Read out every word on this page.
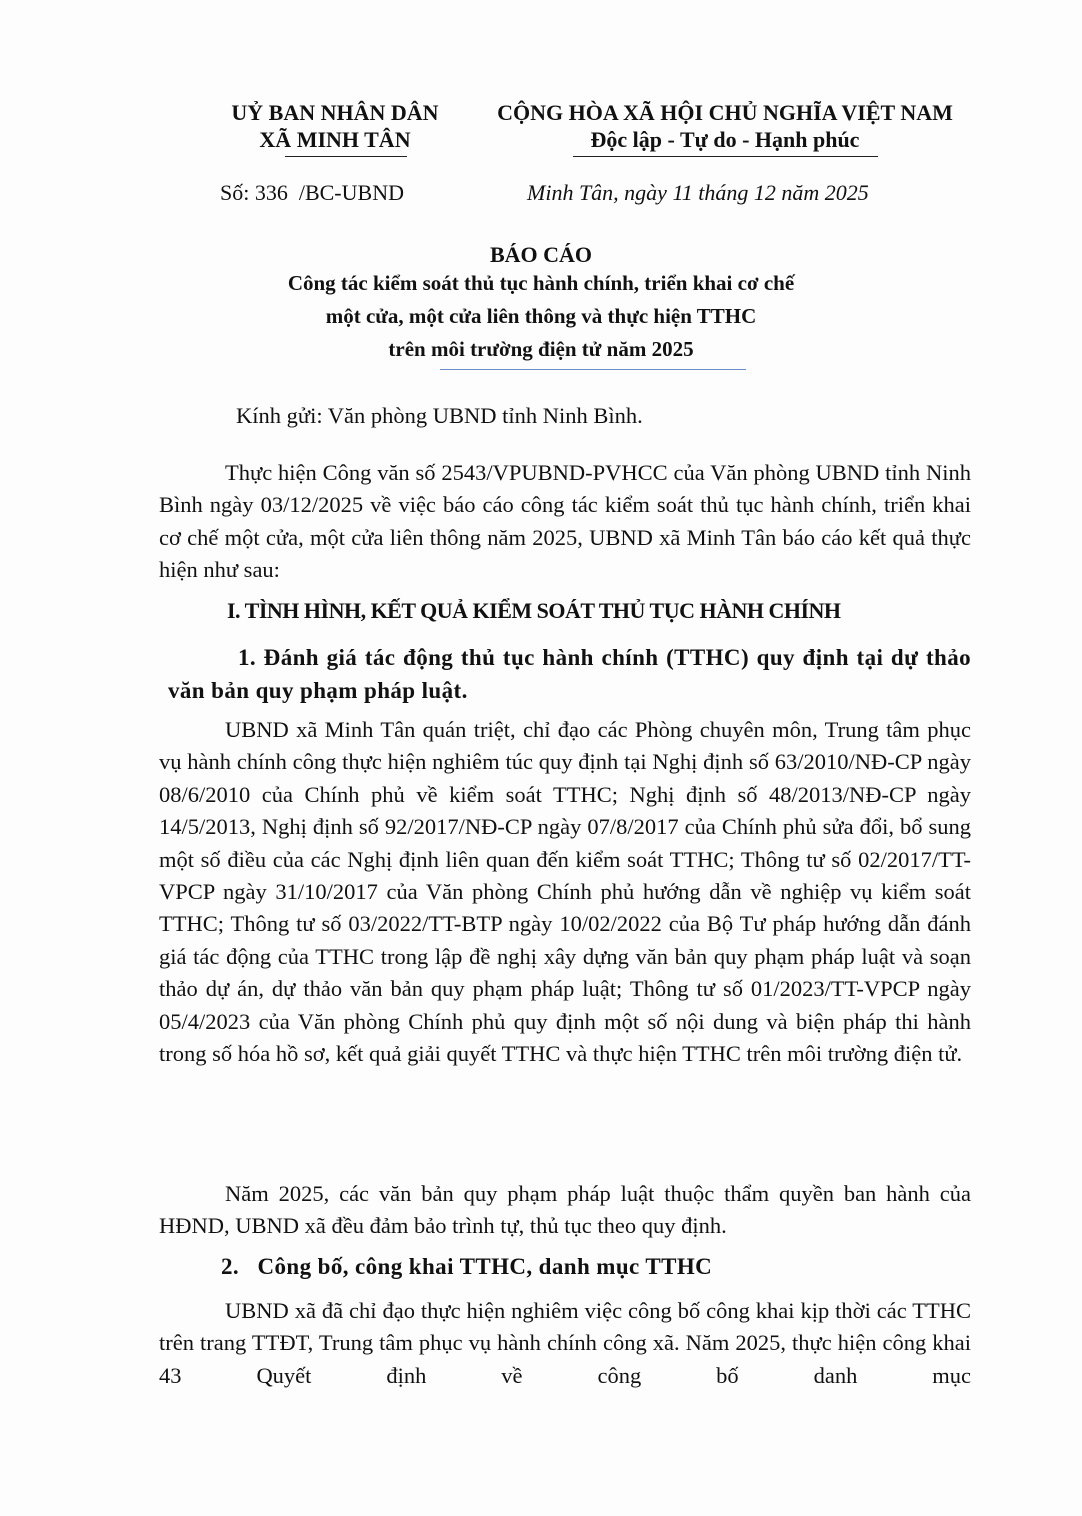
UỶ BAN NHÂN DÂN
XÃ MINH TÂN
CỘNG HÒA XÃ HỘI CHỦ NGHĨA VIỆT NAM
Độc lập - Tự do - Hạnh phúc
Số: 336  /BC-UBND	Minh Tân, ngày 11 tháng 12 năm 2025
BÁO CÁO
Công tác kiểm soát thủ tục hành chính, triển khai cơ chế
một cửa, một cửa liên thông và thực hiện TTHC
trên môi trường điện tử năm 2025
Kính gửi: Văn phòng UBND tỉnh Ninh Bình.

Thực hiện Công văn số 2543/VPUBND-PVHCC của Văn phòng UBND tỉnh Ninh Bình ngày 03/12/2025 về việc báo cáo công tác kiểm soát thủ tục hành chính, triển khai cơ chế một cửa, một cửa liên thông năm 2025, UBND xã Minh Tân báo cáo kết quả thực hiện như sau:

I. TÌNH HÌNH, KẾT QUẢ KIỂM SOÁT THỦ TỤC HÀNH CHÍNH

1. Đánh giá tác động thủ tục hành chính (TTHC) quy định tại dự thảo văn bản quy phạm pháp luật.

UBND xã Minh Tân quán triệt, chỉ đạo các Phòng chuyên môn, Trung tâm phục vụ hành chính công thực hiện nghiêm túc quy định tại Nghị định số 63/2010/NĐ-CP ngày 08/6/2010 của Chính phủ về kiểm soát TTHC; Nghị định số 48/2013/NĐ-CP ngày 14/5/2013, Nghị định số 92/2017/NĐ-CP ngày 07/8/2017 của Chính phủ sửa đổi, bổ sung một số điều của các Nghị định liên quan đến kiểm soát TTHC; Thông tư số 02/2017/TT-VPCP ngày 31/10/2017 của Văn phòng Chính phủ hướng dẫn về nghiệp vụ kiểm soát TTHC; Thông tư số 03/2022/TT-BTP ngày 10/02/2022 của Bộ Tư pháp hướng dẫn đánh giá tác động của TTHC trong lập đề nghị xây dựng văn bản quy phạm pháp luật và soạn thảo dự án, dự thảo văn bản quy phạm pháp luật; Thông tư số 01/2023/TT-VPCP ngày 05/4/2023 của Văn phòng Chính phủ quy định một số nội dung và biện pháp thi hành trong số hóa hồ sơ, kết quả giải quyết TTHC và thực hiện TTHC trên môi trường điện tử.

Năm 2025, các văn bản quy phạm pháp luật thuộc thẩm quyền ban hành của HĐND, UBND xã đều đảm bảo trình tự, thủ tục theo quy định.

2.   Công bố, công khai TTHC, danh mục TTHC

UBND xã đã chỉ đạo thực hiện nghiêm việc công bố công khai kịp thời các TTHC trên trang TTĐT, Trung tâm phục vụ hành chính công xã. Năm 2025, thực hiện công khai 43 Quyết định về công bố danh mục
